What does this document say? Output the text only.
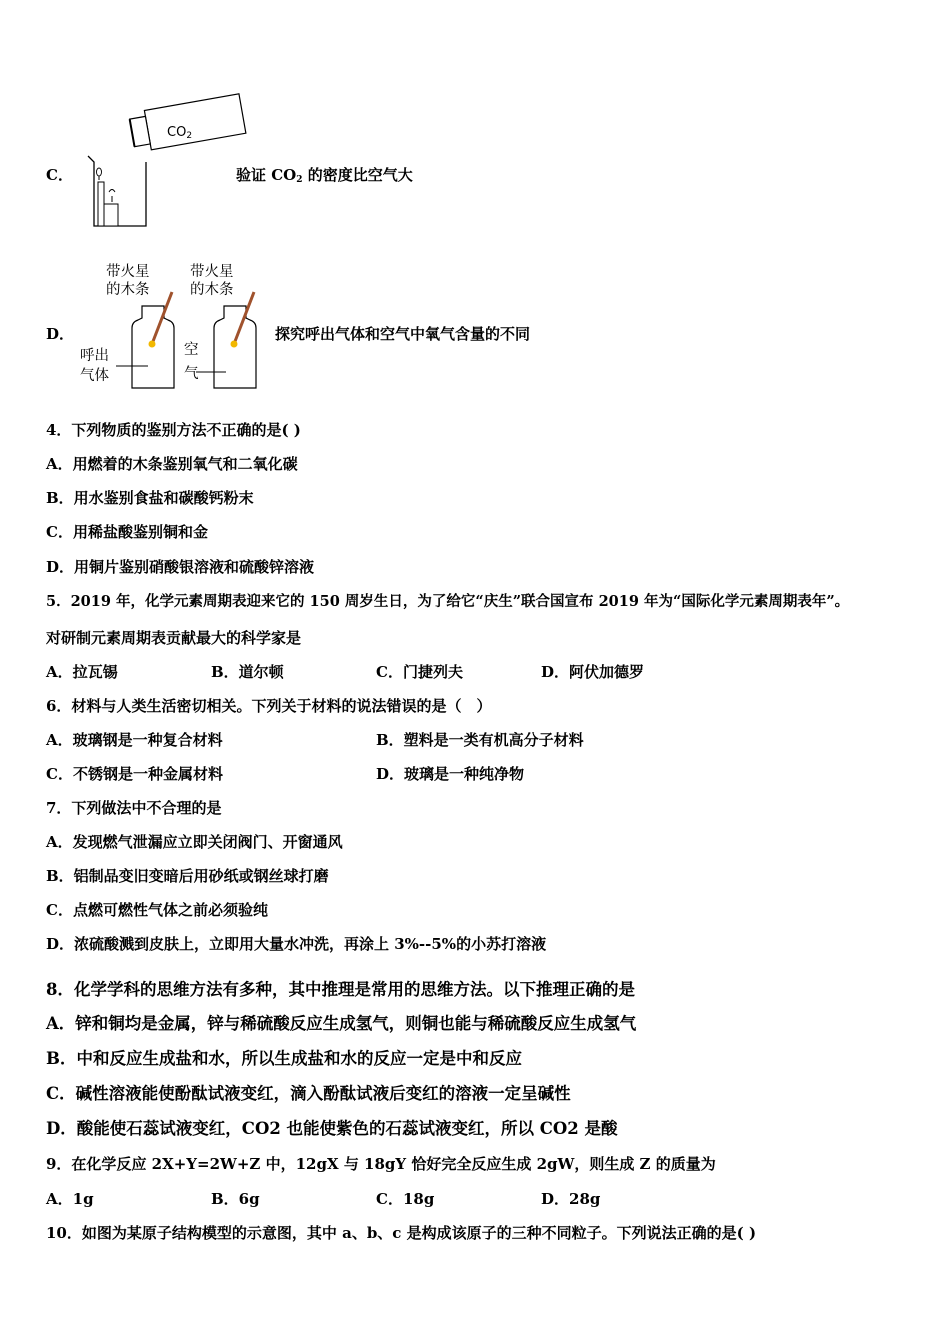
C．
$CO_2$
验证 $CO_2$ 的密度比空气大
D．
带火星
的木条
带火星
的木条
呼出
气体
空
气
探究呼出气体和空气中氧气含量的不同
4．下列物质的鉴别方法不正确的是( )
A．用燃着的木条鉴别氧气和二氧化碳
B．用水鉴别食盐和碳酸钙粉末
C．用稀盐酸鉴别铜和金
D．用铜片鉴别硝酸银溶液和硫酸锌溶液
5．2019 年，化学元素周期表迎来它的 150 周岁生日，为了给它“庆生”联合国宣布 2019 年为“国际化学元素周期表年”。
对研制元素周期表贡献最大的科学家是
A．拉瓦锡	B．道尔顿	C．门捷列夫	D．阿伏加德罗
6．材料与人类生活密切相关。下列关于材料的说法错误的是（　）
A．玻璃钢是一种复合材料	B．塑料是一类有机高分子材料
C．不锈钢是一种金属材料	D．玻璃是一种纯净物
7．下列做法中不合理的是
A．发现燃气泄漏应立即关闭阀门、开窗通风
B．铝制品变旧变暗后用砂纸或钢丝球打磨
C．点燃可燃性气体之前必须验纯
D．浓硫酸溅到皮肤上，立即用大量水冲洗，再涂上 3%--5%的小苏打溶液
8．化学学科的思维方法有多种，其中推理是常用的思维方法。以下推理正确的是
A．锌和铜均是金属，锌与稀硫酸反应生成氢气，则铜也能与稀硫酸反应生成氢气
B．中和反应生成盐和水，所以生成盐和水的反应一定是中和反应
C．碱性溶液能使酚酞试液变红，滴入酚酞试液后变红的溶液一定呈碱性
D．酸能使石蕊试液变红，CO2 也能使紫色的石蕊试液变红，所以 CO2 是酸
9．在化学反应 2X+Y=2W+Z 中，12gX 与 18gY 恰好完全反应生成 2gW，则生成 Z 的质量为
A．1g	B．6g	C．18g	D．28g
10．如图为某原子结构模型的示意图，其中 a、b、c 是构成该原子的三种不同粒子。下列说法正确的是( )
